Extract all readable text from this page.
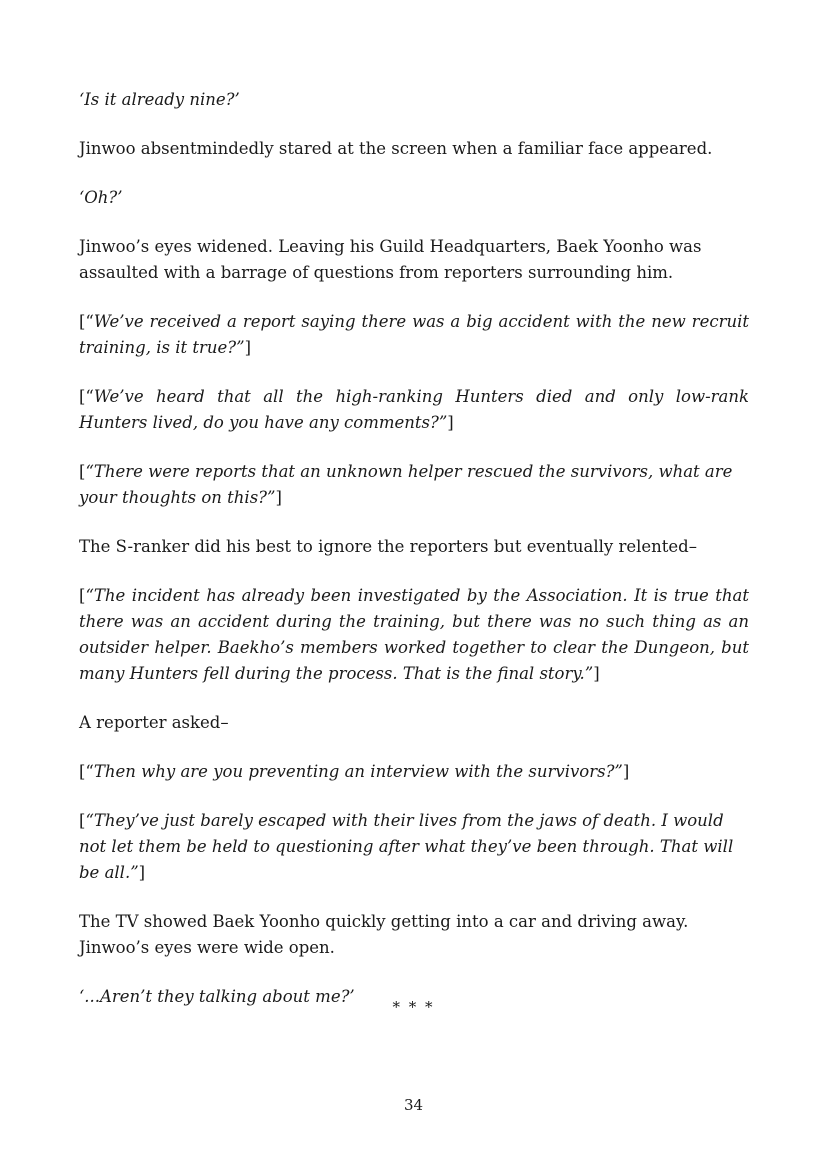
‘Is it already nine?’

Jinwoo absentmindedly stared at the screen when a familiar face appeared.

‘Oh?’

Jinwoo’s eyes widened. Leaving his Guild Headquarters, Baek Yoonho was assaulted with a barrage of questions from reporters surrounding him.

[“We’ve received a report saying there was a big accident with the new recruit training, is it true?”]

[“We’ve heard that all the high-ranking Hunters died and only low-rank Hunters lived, do you have any comments?”]

[“There were reports that an unknown helper rescued the survivors, what are your thoughts on this?”]

The S-ranker did his best to ignore the reporters but eventually relented–

[“The incident has already been investigated by the Association. It is true that there was an accident during the training, but there was no such thing as an outsider helper. Baekho’s members worked together to clear the Dungeon, but many Hunters fell during the process. That is the final story.”]

A reporter asked–

[“Then why are you preventing an interview with the survivors?”]

[“They’ve just barely escaped with their lives from the jaws of death. I would not let them be held to questioning after what they’ve been through. That will be all.”]

The TV showed Baek Yoonho quickly getting into a car and driving away. Jinwoo’s eyes were wide open.

‘...Aren’t they talking about me?’

* * *
34
